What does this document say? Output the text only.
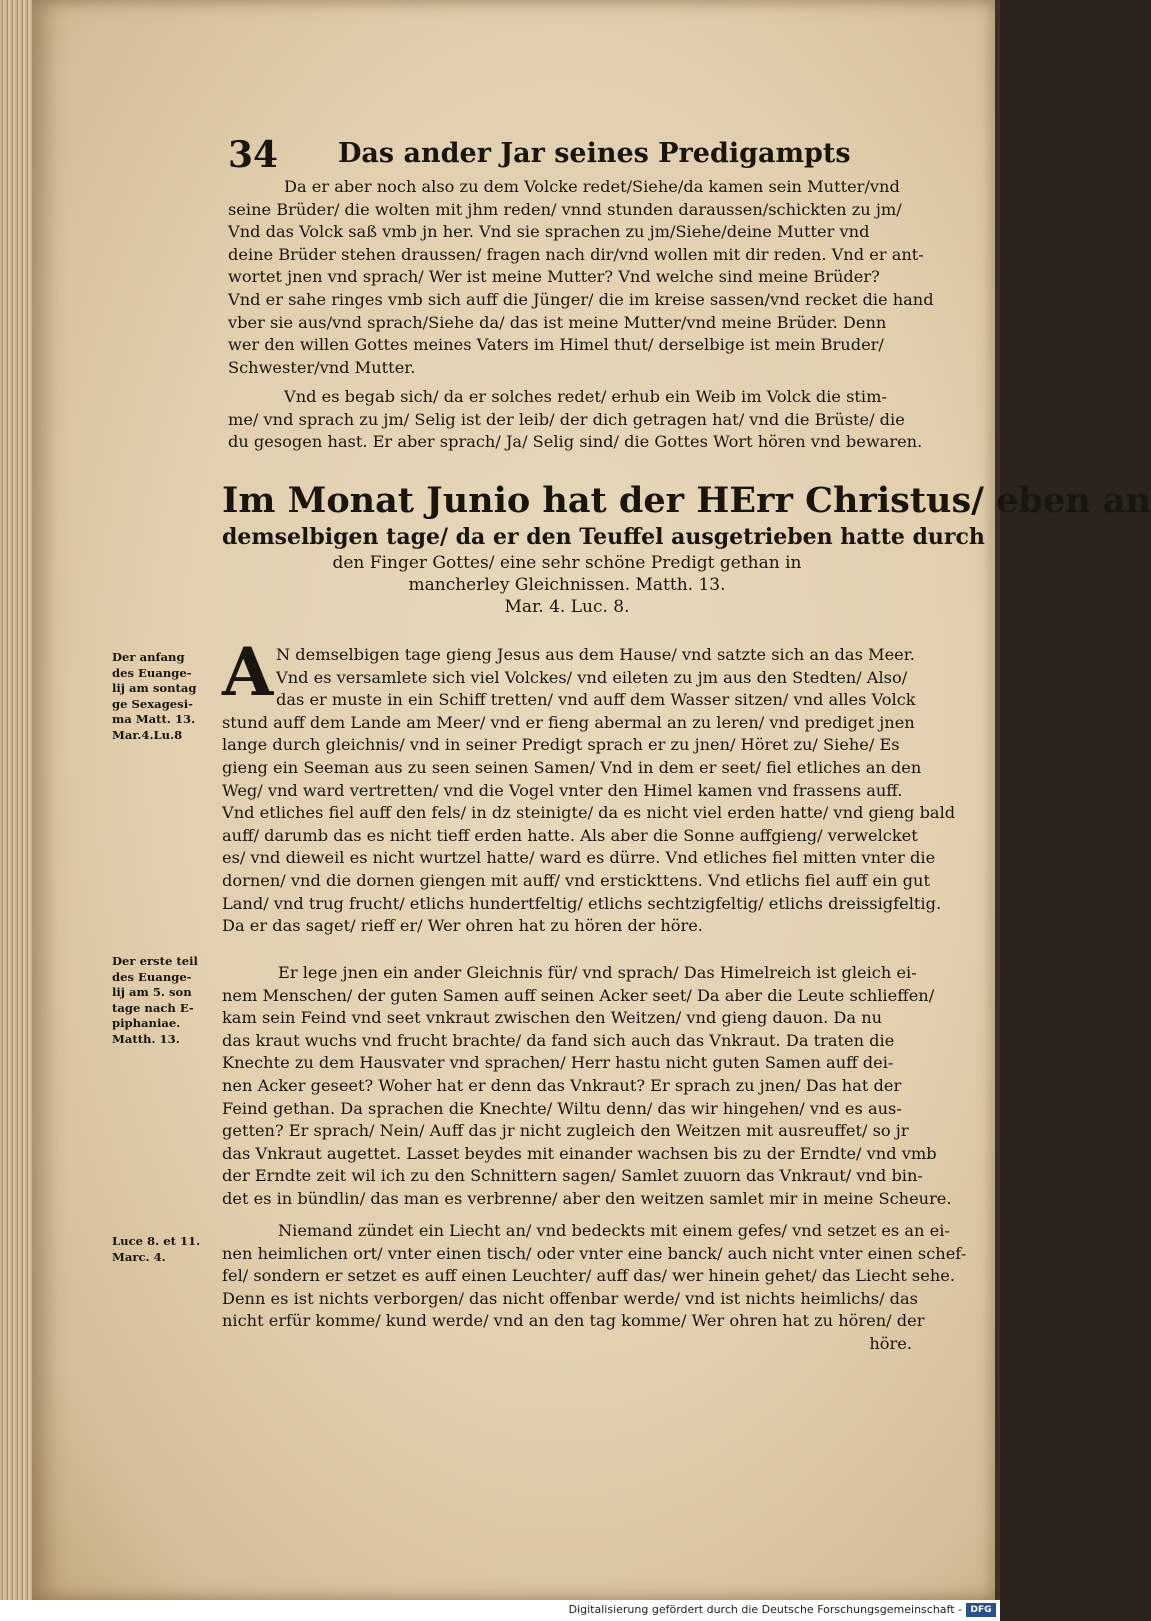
34 Das ander Jar seines Predigampts
Da er aber noch also zu dem Volcke redet/Siehe/da kamen sein Mutter/vnd
seine Brüder/ die wolten mit jhm reden/ vnnd stunden daraussen/schickten zu jm/
Vnd das Volck saß vmb jn her. Vnd sie sprachen zu jm/Siehe/deine Mutter vnd
deine Brüder stehen draussen/ fragen nach dir/vnd wollen mit dir reden. Vnd er ant-
wortet jnen vnd sprach/ Wer ist meine Mutter? Vnd welche sind meine Brüder?
Vnd er sahe ringes vmb sich auff die Jünger/ die im kreise sassen/vnd recket die hand
vber sie aus/vnd sprach/Siehe da/ das ist meine Mutter/vnd meine Brüder. Denn
wer den willen Gottes meines Vaters im Himel thut/ derselbige ist mein Bruder/
Schwester/vnd Mutter.
Vnd es begab sich/ da er solches redet/ erhub ein Weib im Volck die stim-
me/ vnd sprach zu jm/ Selig ist der leib/ der dich getragen hat/ vnd die Brüste/ die
du gesogen hast. Er aber sprach/ Ja/ Selig sind/ die Gottes Wort hören vnd bewaren.
Im Monat Junio hat der HErr Christus/ eben an
demselbigen tage/ da er den Teuffel ausgetrieben hatte durch
den Finger Gottes/ eine sehr schöne Predigt gethan in
mancherley Gleichnissen. Matth. 13.
Mar. 4. Luc. 8.
Der anfang
des Euange-
lij am sontag
ge Sexagesi-
ma Matt. 13.
Mar.4.Lu.8
A N demselbigen tage gieng Jesus aus dem Hause/ vnd satzte sich an das Meer.
Vnd es versamlete sich viel Volckes/ vnd eileten zu jm aus den Stedten/ Also/
das er muste in ein Schiff tretten/ vnd auff dem Wasser sitzen/ vnd alles Volck
stund auff dem Lande am Meer/ vnd er fieng abermal an zu leren/ vnd prediget jnen
lange durch gleichnis/ vnd in seiner Predigt sprach er zu jnen/ Höret zu/ Siehe/ Es
gieng ein Seeman aus zu seen seinen Samen/ Vnd in dem er seet/ fiel etliches an den
Weg/ vnd ward vertretten/ vnd die Vogel vnter den Himel kamen vnd frassens auff.
Vnd etliches fiel auff den fels/ in dz steinigte/ da es nicht viel erden hatte/ vnd gieng bald
auff/ darumb das es nicht tieff erden hatte. Als aber die Sonne auffgieng/ verwelcket
es/ vnd dieweil es nicht wurtzel hatte/ ward es dürre. Vnd etliches fiel mitten vnter die
dornen/ vnd die dornen giengen mit auff/ vnd erstickttens. Vnd etlichs fiel auff ein gut
Land/ vnd trug frucht/ etlichs hundertfeltig/ etlichs sechtzigfeltig/ etlichs dreissigfeltig.
Da er das saget/ rieff er/ Wer ohren hat zu hören der höre.
Der erste teil
des Euange-
lij am 5. son
tage nach E-
piphaniae.
Matth. 13.
Er lege jnen ein ander Gleichnis für/ vnd sprach/ Das Himelreich ist gleich ei-
nem Menschen/ der guten Samen auff seinen Acker seet/ Da aber die Leute schlieffen/
kam sein Feind vnd seet vnkraut zwischen den Weitzen/ vnd gieng dauon. Da nu
das kraut wuchs vnd frucht brachte/ da fand sich auch das Vnkraut. Da traten die
Knechte zu dem Hausvater vnd sprachen/ Herr hastu nicht guten Samen auff dei-
nen Acker geseet? Woher hat er denn das Vnkraut? Er sprach zu jnen/ Das hat der
Feind gethan. Da sprachen die Knechte/ Wiltu denn/ das wir hingehen/ vnd es aus-
getten? Er sprach/ Nein/ Auff das jr nicht zugleich den Weitzen mit ausreuffet/ so jr
das Vnkraut augettet. Lasset beydes mit einander wachsen bis zu der Erndte/ vnd vmb
der Erndte zeit wil ich zu den Schnittern sagen/ Samlet zuuorn das Vnkraut/ vnd bin-
det es in bündlin/ das man es verbrenne/ aber den weitzen samlet mir in meine Scheure.
Luce 8. et 11.
Marc. 4.
Niemand zündet ein Liecht an/ vnd bedeckts mit einem gefes/ vnd setzet es an ei-
nen heimlichen ort/ vnter einen tisch/ oder vnter eine banck/ auch nicht vnter einen schef-
fel/ sondern er setzet es auff einen Leuchter/ auff das/ wer hinein gehet/ das Liecht sehe.
Denn es ist nichts verborgen/ das nicht offenbar werde/ vnd ist nichts heimlichs/ das
nicht erfür komme/ kund werde/ vnd an den tag komme/ Wer ohren hat zu hören/ der
höre.
Digitalisierung gefördert durch die Deutsche Forschungsgemeinschaft - DFG
